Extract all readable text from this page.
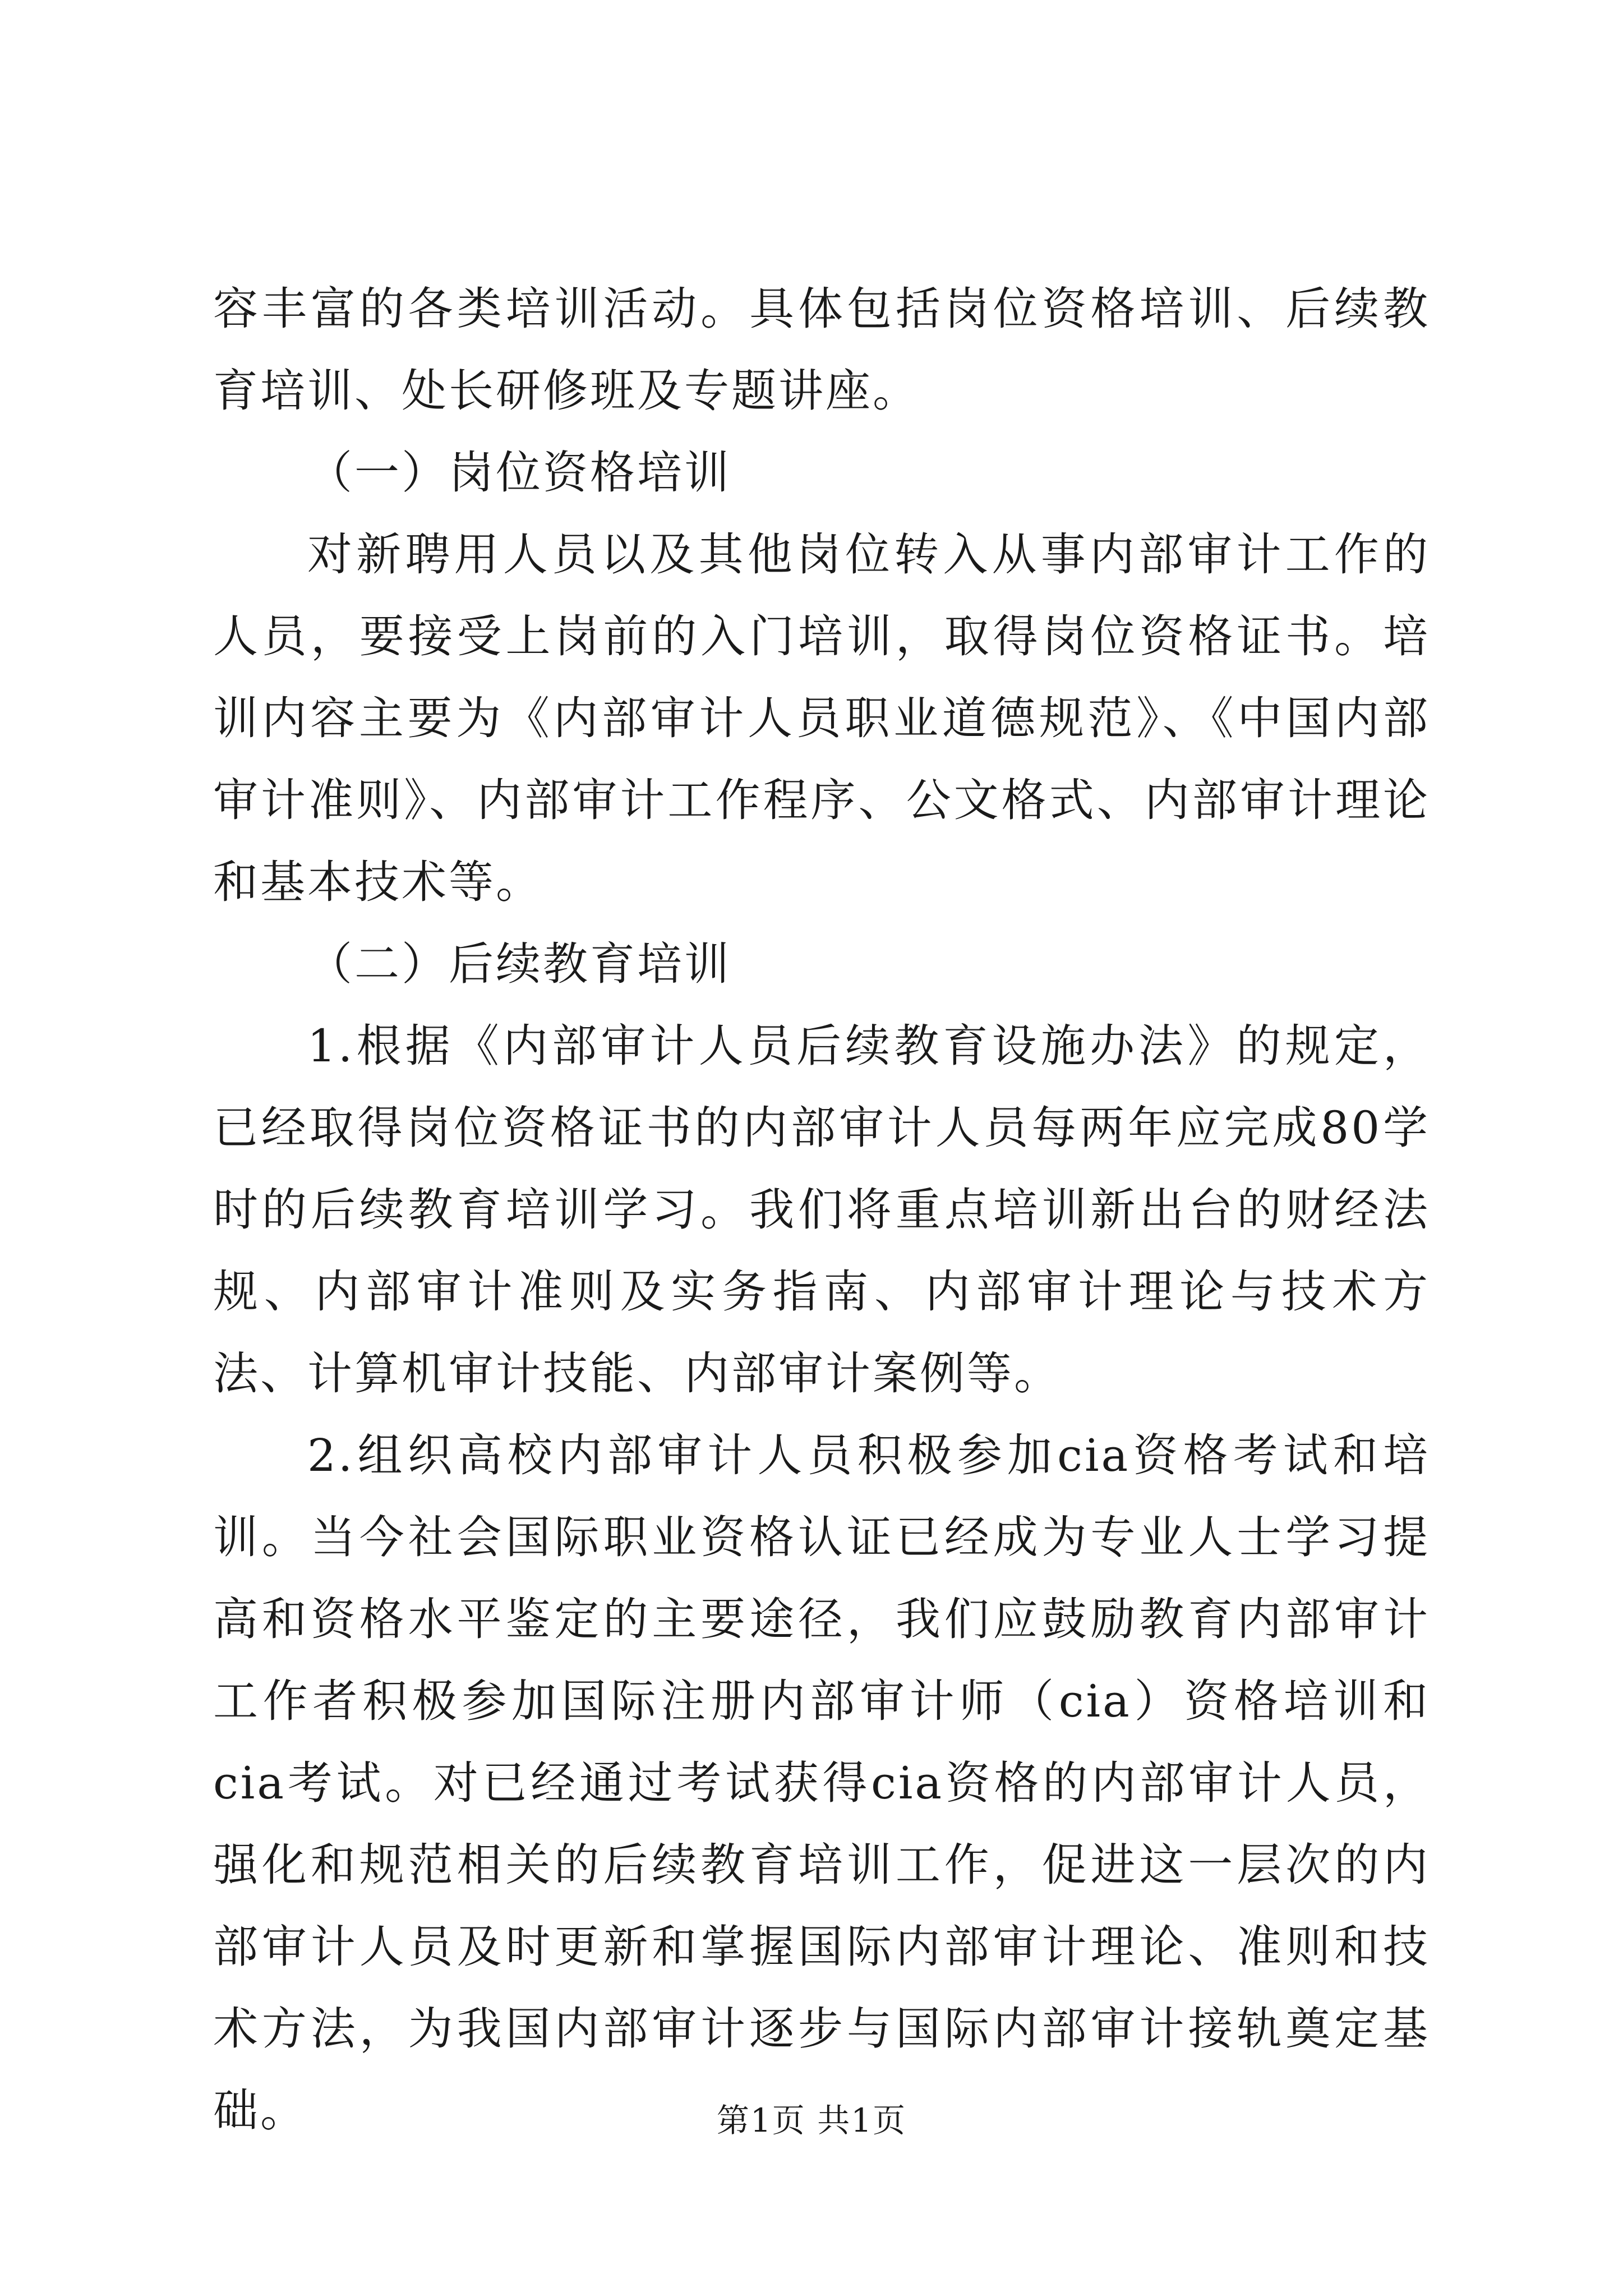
容丰富的各类培训活动。具体包括岗位资格培训、后续教育培训、处长研修班及专题讲座。

（一）岗位资格培训

对新聘用人员以及其他岗位转入从事内部审计工作的人员，要接受上岗前的入门培训，取得岗位资格证书。培训内容主要为《内部审计人员职业道德规范》、《中国内部审计准则》、内部审计工作程序、公文格式、内部审计理论和基本技术等。

（二）后续教育培训

1.根据《内部审计人员后续教育设施办法》的规定，已经取得岗位资格证书的内部审计人员每两年应完成80学时的后续教育培训学习。我们将重点培训新出台的财经法规、内部审计准则及实务指南、内部审计理论与技术方法、计算机审计技能、内部审计案例等。

2.组织高校内部审计人员积极参加cia资格考试和培训。当今社会国际职业资格认证已经成为专业人士学习提高和资格水平鉴定的主要途径，我们应鼓励教育内部审计工作者积极参加国际注册内部审计师（cia）资格培训和cia考试。对已经通过考试获得cia资格的内部审计人员，强化和规范相关的后续教育培训工作，促进这一层次的内部审计人员及时更新和掌握国际内部审计理论、准则和技术方法，为我国内部审计逐步与国际内部审计接轨奠定基础。	第1页 共1页
